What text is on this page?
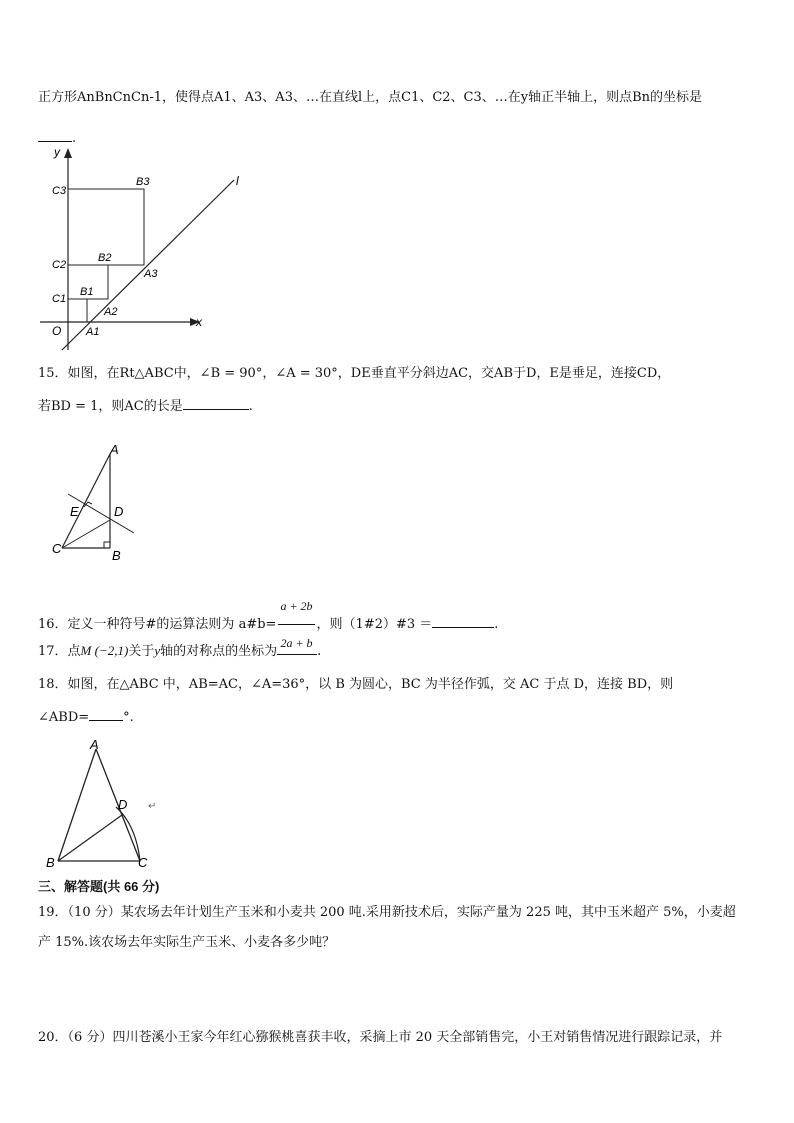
正方形AnBnCnCn-1，使得点A1、A3、A3、…在直线l上，点C1、C2、C3、…在y轴正半轴上，则点Bn的坐标是
.
y
x
l
O
C3
B3
C2
B2
A3
C1
B1
A2
A1
15．如图，在Rt△ABC中，∠B = 90°，∠A = 30°，DE垂直平分斜边AC，交AB于D，E是垂足，连接CD，
若BD = 1，则AC的长是	.
A
E	D
C	B
16．定义一种符号#的运算法则为 a#b= $\frac{a + 2b}{2a + b}$ ，则（1#2）#3 ＝	.
17．点M (−2,1)关于y轴的对称点的坐标为	.
18．如图，在△ABC 中，AB=AC，∠A=36°，以 B 为圆心，BC 为半径作弧，交 AC 于点 D，连接 BD，则
∠ABD=	°.
A
D
B	C
↵
三、解答题(共 66 分)
19．（10 分）某农场去年计划生产玉米和小麦共 200 吨.采用新技术后，实际产量为 225 吨，其中玉米超产 5%，小麦超
产 15%.该农场去年实际生产玉米、小麦各多少吨？
20．（6 分）四川苍溪小王家今年红心猕猴桃喜获丰收，采摘上市 20 天全部销售完，小王对销售情况进行跟踪记录，并
